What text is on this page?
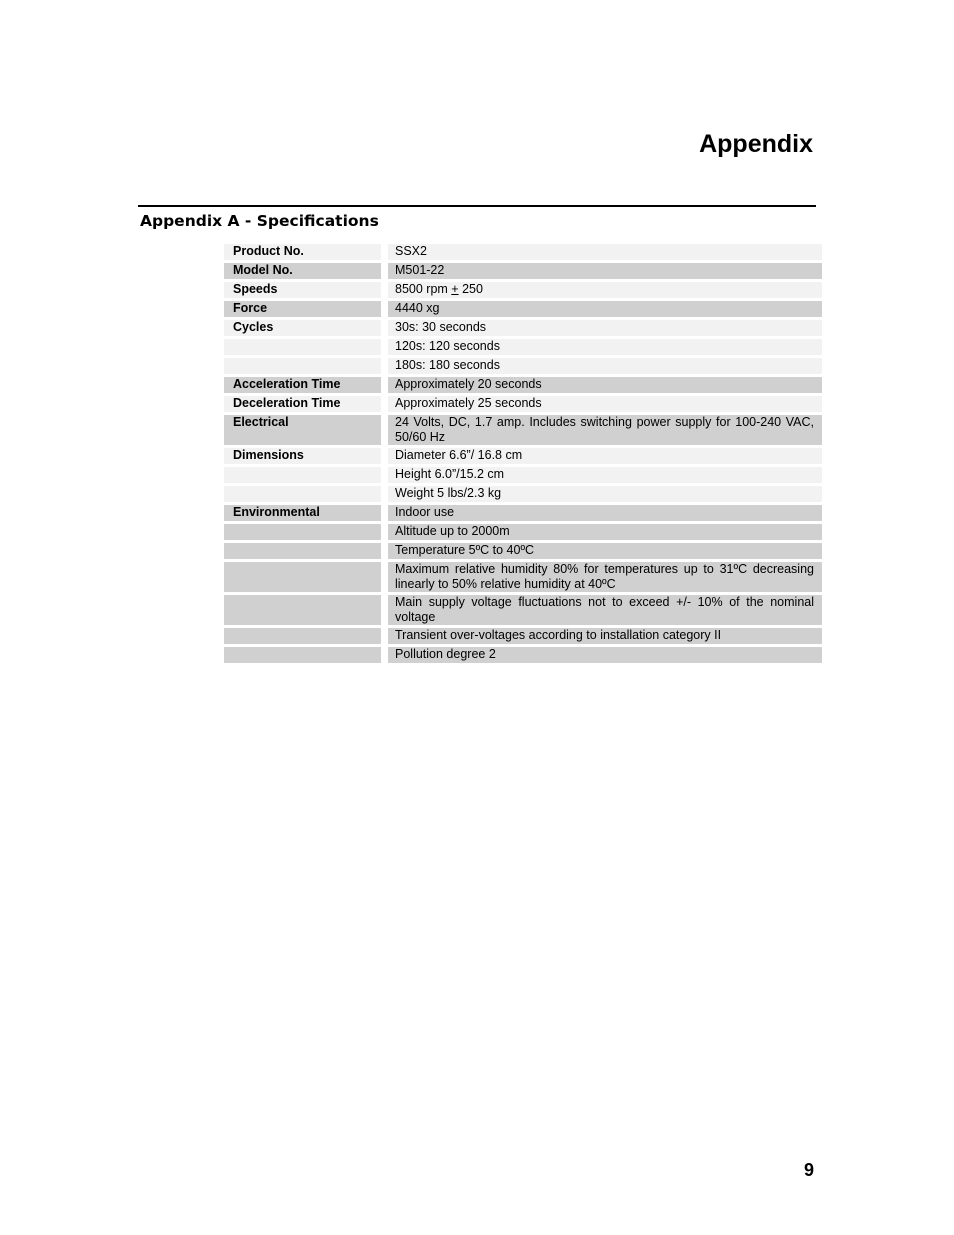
Appendix
Appendix A - Specifications
Product No.		SSX2
Model No.		M501-22
Speeds		8500 rpm + 250
Force		4440 xg
Cycles		30s: 30 seconds
		120s: 120 seconds
		180s: 180 seconds
Acceleration Time		Approximately 20 seconds
Deceleration Time		Approximately 25 seconds
Electrical		24 Volts, DC, 1.7 amp. Includes switching power supply for 100-240 VAC, 50/60 Hz
Dimensions		Diameter 6.6”/ 16.8 cm
		Height 6.0”/15.2 cm
		Weight 5 lbs/2.3 kg
Environmental		Indoor use
		Altitude up to 2000m
		Temperature 5ºC to 40ºC
		Maximum relative humidity 80% for temperatures up to 31ºC decreasing linearly to 50% relative humidity at 40ºC
		Main supply voltage fluctuations not to exceed +/- 10% of the nominal voltage
		Transient over-voltages according to installation category II
		Pollution degree 2
9
